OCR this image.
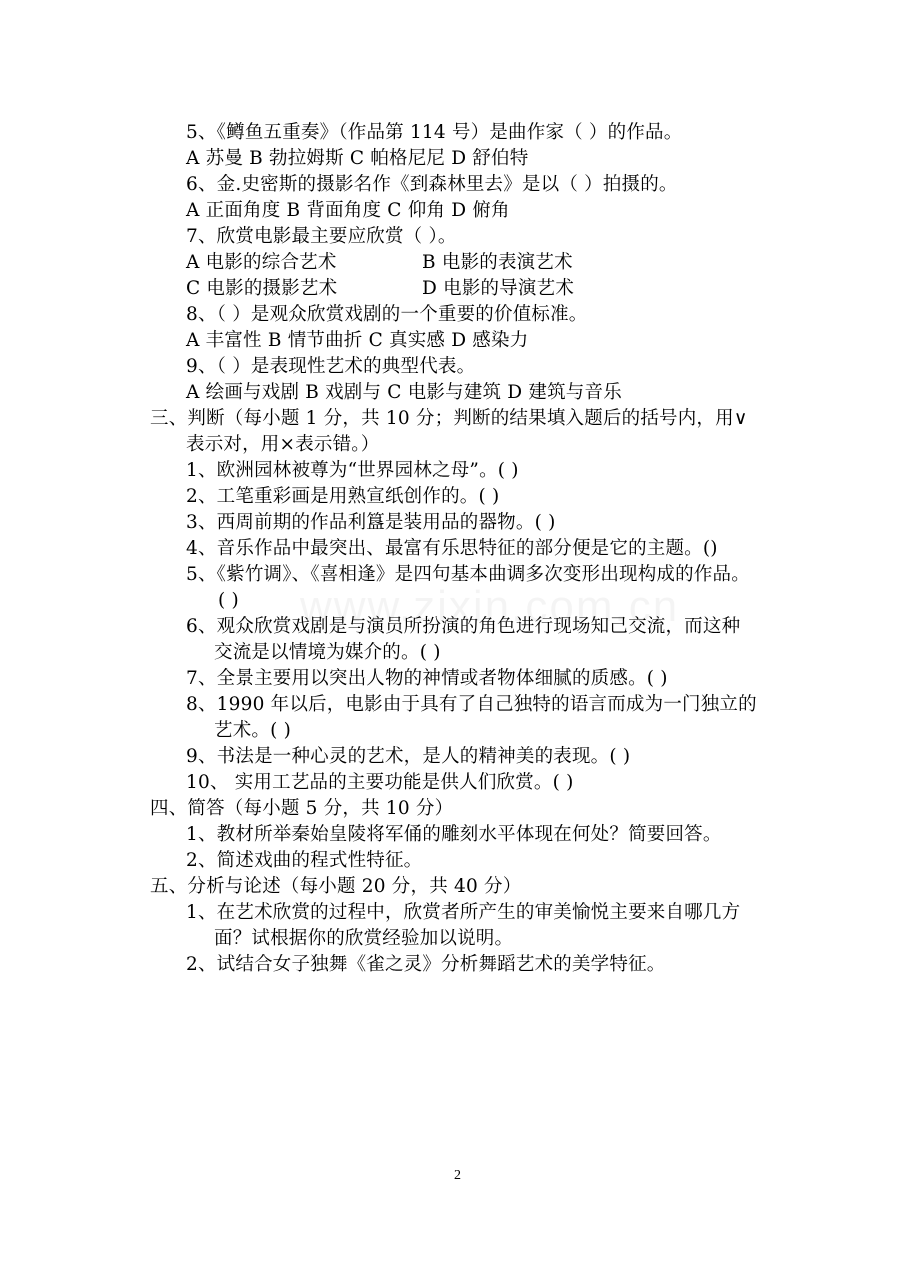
5、《鳟鱼五重奏》（作品第 114 号）是曲作家（ ）的作品。
A 苏曼 B 勃拉姆斯 C 帕格尼尼 D 舒伯特
6、金.史密斯的摄影名作《到森林里去》是以（ ）拍摄的。
A 正面角度 B 背面角度 C 仰角 D 俯角
7、欣赏电影最主要应欣赏（ ）。
A 电影的综合艺术	B 电影的表演艺术
C 电影的摄影艺术	D 电影的导演艺术
8、（ ）是观众欣赏戏剧的一个重要的价值标准。
A 丰富性 B 情节曲折 C 真实感 D 感染力
9、（ ）是表现性艺术的典型代表。
A 绘画与戏剧 B 戏剧与 C 电影与建筑 D 建筑与音乐
三、判断（每小题 1 分，共 10 分；判断的结果填入题后的括号内，用∨
表示对，用×表示错。）
1、欧洲园林被尊为“世界园林之母”。( )
2、工笔重彩画是用熟宣纸创作的。( )
3、西周前期的作品利簋是装用品的器物。( )
4、音乐作品中最突出、最富有乐思特征的部分便是它的主题。()
5、《紫竹调》、《喜相逢》是四句基本曲调多次变形出现构成的作品。
( )
6、观众欣赏戏剧是与演员所扮演的角色进行现场知己交流，而这种
交流是以情境为媒介的。( )
7、全景主要用以突出人物的神情或者物体细腻的质感。( )
8、1990 年以后，电影由于具有了自己独特的语言而成为一门独立的
艺术。( )
9、书法是一种心灵的艺术，是人的精神美的表现。( )
10、 实用工艺品的主要功能是供人们欣赏。( )
四、简答（每小题 5 分，共 10 分）
1、教材所举秦始皇陵将军俑的雕刻水平体现在何处？简要回答。
2、简述戏曲的程式性特征。
五、分析与论述（每小题 20 分，共 40 分）
1、在艺术欣赏的过程中，欣赏者所产生的审美愉悦主要来自哪几方
面？试根据你的欣赏经验加以说明。
2、试结合女子独舞《雀之灵》分析舞蹈艺术的美学特征。
2
